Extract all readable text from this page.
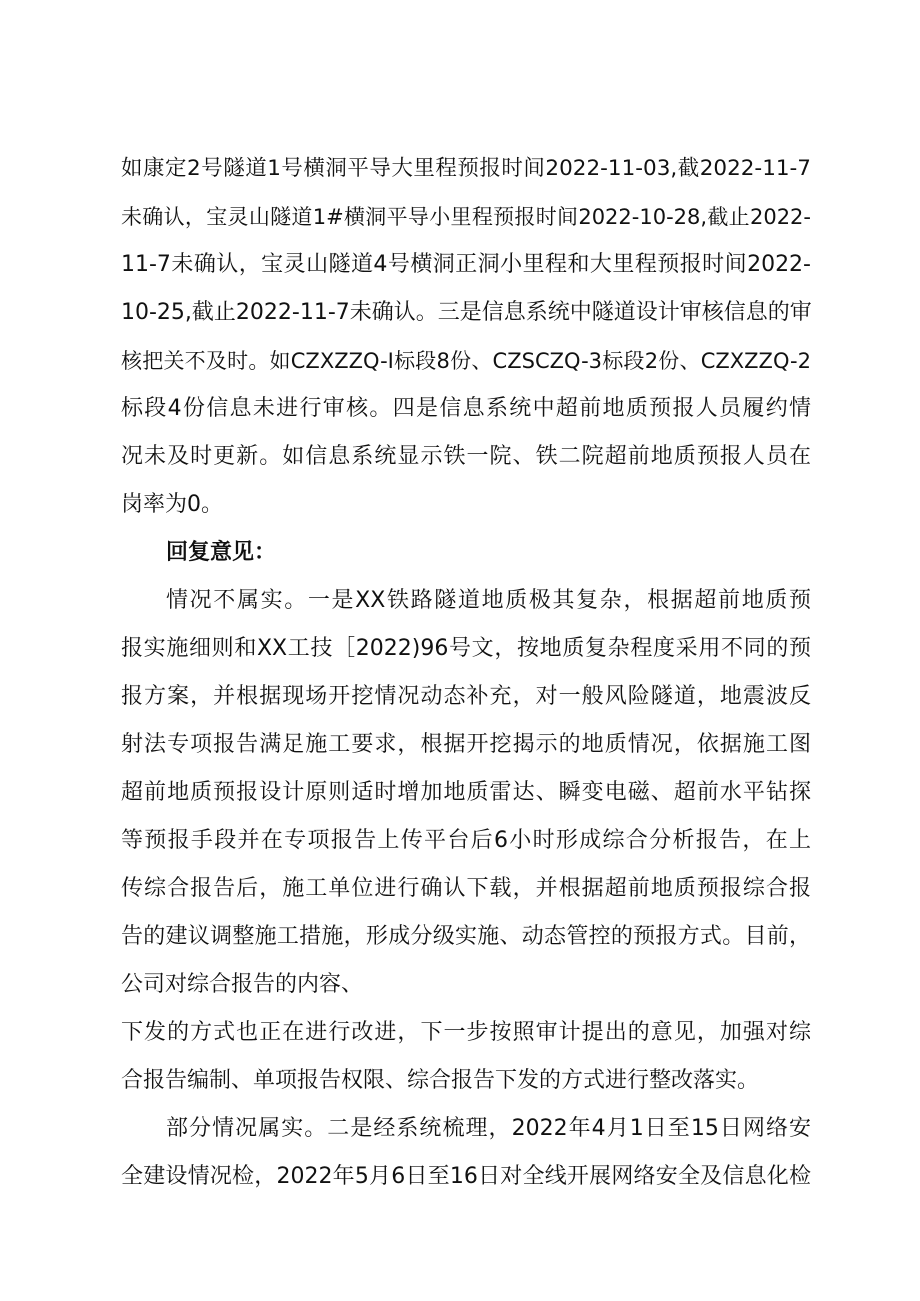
如康定2号隧道1号横洞平导大里程预报时间2022-11-03,截2022-11-7
未确认，宝灵山隧道1#横洞平导小里程预报时间2022-10-28,截止2022-
11-7未确认，宝灵山隧道4号横洞正洞小里程和大里程预报时间2022-
10-25,截止2022-11-7未确认。三是信息系统中隧道设计审核信息的审
核把关不及时。如CZXZZQ-I标段8份、CZSCZQ-3标段2份、CZXZZQ-2
标段4份信息未进行审核。四是信息系统中超前地质预报人员履约情
况未及时更新。如信息系统显示铁一院、铁二院超前地质预报人员在
岗率为0。
回复意见：
情况不属实。一是XX铁路隧道地质极其复杂，根据超前地质预
报实施细则和XX工技［2022)96号文，按地质复杂程度采用不同的预
报方案，并根据现场开挖情况动态补充，对一般风险隧道，地震波反
射法专项报告满足施工要求，根据开挖揭示的地质情况，依据施工图
超前地质预报设计原则适时增加地质雷达、瞬变电磁、超前水平钻探
等预报手段并在专项报告上传平台后6小时形成综合分析报告，在上
传综合报告后，施工单位进行确认下载，并根据超前地质预报综合报
告的建议调整施工措施，形成分级实施、动态管控的预报方式。目前，
公司对综合报告的内容、
下发的方式也正在进行改进，下一步按照审计提出的意见，加强对综
合报告编制、单项报告权限、综合报告下发的方式进行整改落实。
部分情况属实。二是经系统梳理，2022年4月1日至15日网络安
全建设情况检，2022年5月6日至16日对全线开展网络安全及信息化检
